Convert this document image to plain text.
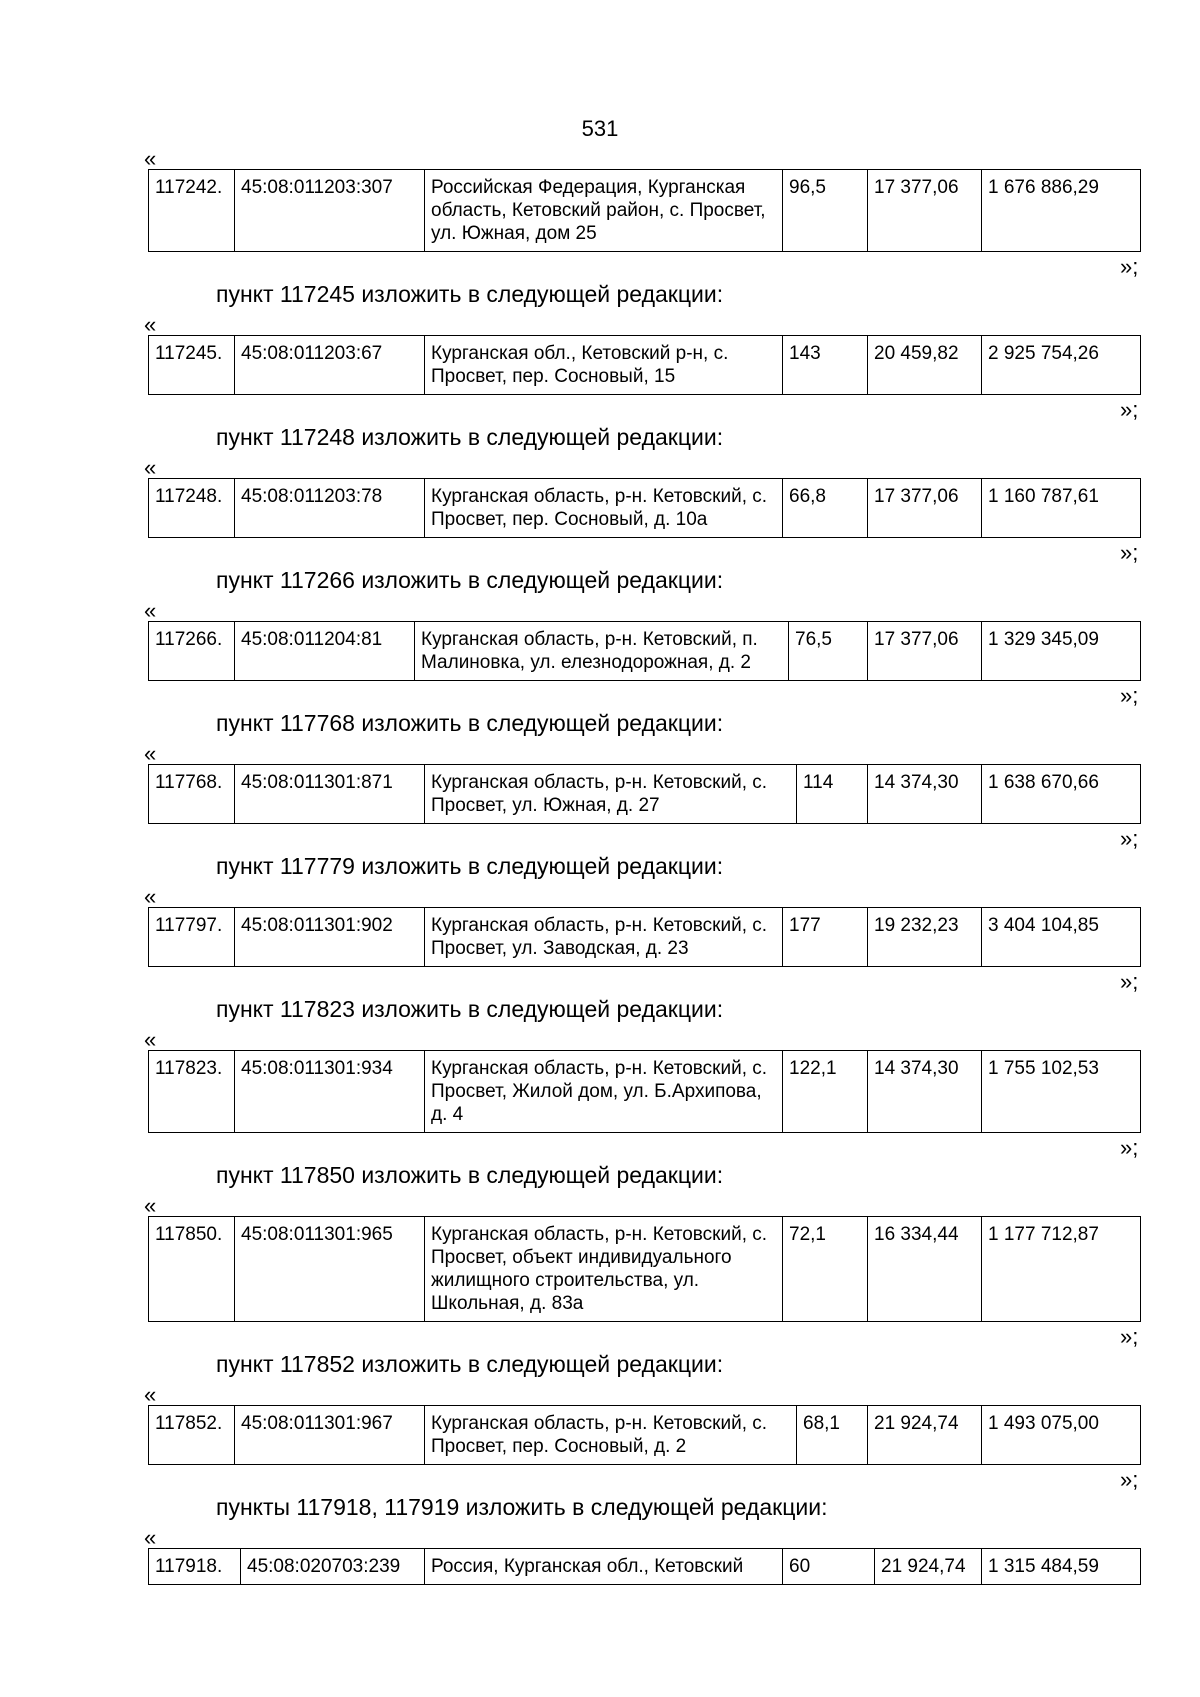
531
«
117242.	45:08:011203:307	Российская Федерация, Курганская область, Кетовский район, с. Просвет, ул. Южная, дом 25	96,5	17 377,06	1 676 886,29
»;
пункт 117245 изложить в следующей редакции:
«
117245.	45:08:011203:67	Курганская обл., Кетовский р-н, с. Просвет, пер. Сосновый, 15	143	20 459,82	2 925 754,26
»;
пункт 117248 изложить в следующей редакции:
«
117248.	45:08:011203:78	Курганская область, р-н. Кетовский, с. Просвет, пер. Сосновый, д. 10а	66,8	17 377,06	1 160 787,61
»;
пункт 117266 изложить в следующей редакции:
«
117266.	45:08:011204:81	Курганская область, р-н. Кетовский, п. Малиновка, ул. елезнодорожная, д. 2	76,5	17 377,06	1 329 345,09
»;
пункт 117768 изложить в следующей редакции:
«
117768.	45:08:011301:871	Курганская область, р-н. Кетовский, с. Просвет, ул. Южная, д. 27	114	14 374,30	1 638 670,66
»;
пункт 117779 изложить в следующей редакции:
«
117797.	45:08:011301:902	Курганская область, р-н. Кетовский, с. Просвет, ул. Заводская, д. 23	177	19 232,23	3 404 104,85
»;
пункт 117823 изложить в следующей редакции:
«
117823.	45:08:011301:934	Курганская область, р-н. Кетовский, с. Просвет, Жилой дом, ул. Б.Архипова, д. 4	122,1	14 374,30	1 755 102,53
»;
пункт 117850 изложить в следующей редакции:
«
117850.	45:08:011301:965	Курганская область, р-н. Кетовский, с. Просвет, объект индивидуального жилищного строительства, ул. Школьная, д. 83а	72,1	16 334,44	1 177 712,87
»;
пункт 117852 изложить в следующей редакции:
«
117852.	45:08:011301:967	Курганская область, р-н. Кетовский, с. Просвет, пер. Сосновый, д. 2	68,1	21 924,74	1 493 075,00
»;
пункты 117918, 117919 изложить в следующей редакции:
«
117918.	45:08:020703:239	Россия, Курганская обл., Кетовский	60	21 924,74	1 315 484,59
